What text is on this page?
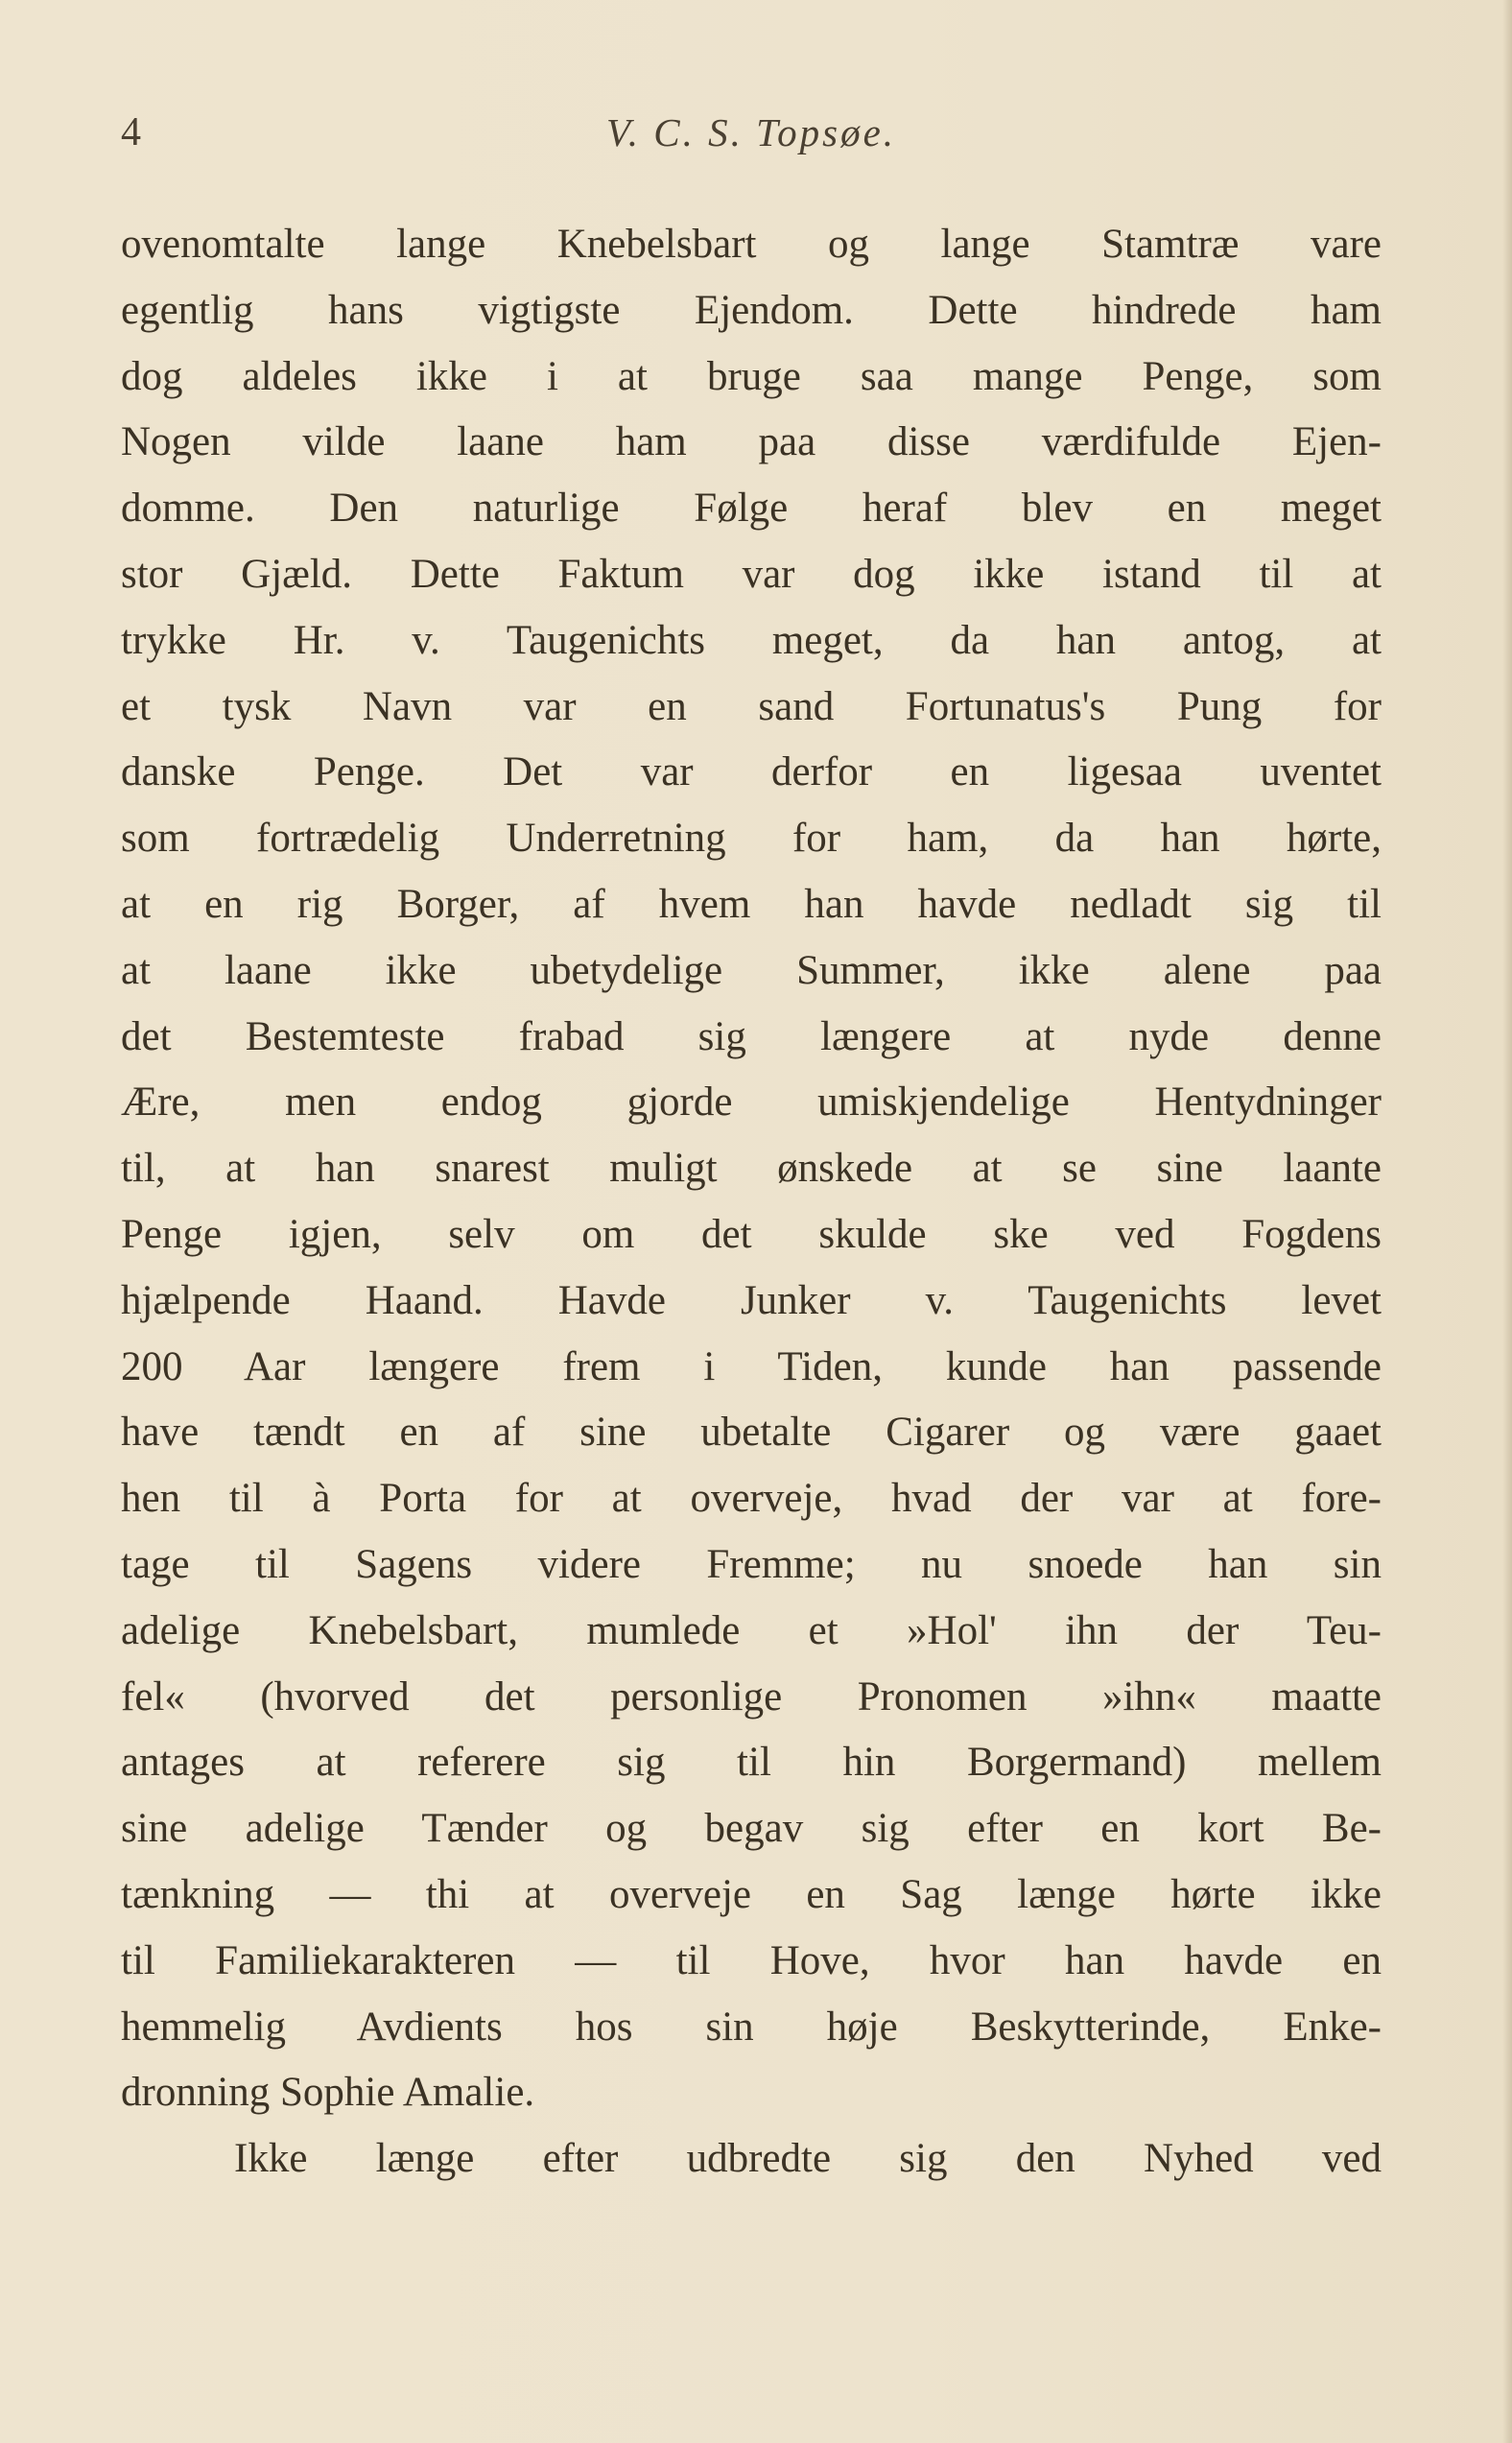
4	V. C. S. Topsøe.
ovenomtalte lange Knebelsbart og lange Stamtræ vare
egentlig hans vigtigste Ejendom. Dette hindrede ham
dog aldeles ikke i at bruge saa mange Penge, som
Nogen vilde laane ham paa disse værdifulde Ejen-
domme. Den naturlige Følge heraf blev en meget
stor Gjæld. Dette Faktum var dog ikke istand til at
trykke Hr. v. Taugenichts meget, da han antog, at
et tysk Navn var en sand Fortunatus's Pung for
danske Penge. Det var derfor en ligesaa uventet
som fortrædelig Underretning for ham, da han hørte,
at en rig Borger, af hvem han havde nedladt sig til
at laane ikke ubetydelige Summer, ikke alene paa
det Bestemteste frabad sig længere at nyde denne
Ære, men endog gjorde umiskjendelige Hentydninger
til, at han snarest muligt ønskede at se sine laante
Penge igjen, selv om det skulde ske ved Fogdens
hjælpende Haand. Havde Junker v. Taugenichts levet
200 Aar længere frem i Tiden, kunde han passende
have tændt en af sine ubetalte Cigarer og være gaaet
hen til à Porta for at overveje, hvad der var at fore-
tage til Sagens videre Fremme; nu snoede han sin
adelige Knebelsbart, mumlede et »Hol' ihn der Teu-
fel« (hvorved det personlige Pronomen »ihn« maatte
antages at referere sig til hin Borgermand) mellem
sine adelige Tænder og begav sig efter en kort Be-
tænkning — thi at overveje en Sag længe hørte ikke
til Familiekarakteren — til Hove, hvor han havde en
hemmelig Avdients hos sin høje Beskytterinde, Enke-
dronning Sophie Amalie.
Ikke længe efter udbredte sig den Nyhed ved
